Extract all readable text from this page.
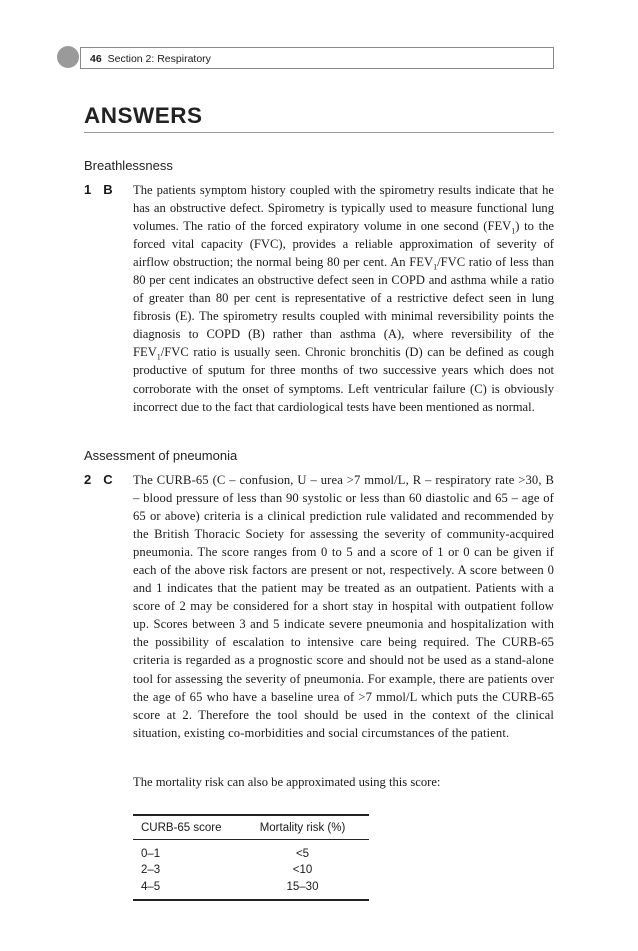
46 Section 2: Respiratory
ANSWERS
Breathlessness
1 B The patients symptom history coupled with the spirometry results indicate that he has an obstructive defect. Spirometry is typically used to measure functional lung volumes. The ratio of the forced expiratory volume in one second $(FEV_1)$ to the forced vital capacity (FVC), provides a reliable approximation of severity of airflow obstruction; the normal being 80 per cent. An $FEV_1$/FVC ratio of less than 80 per cent indicates an obstructive defect seen in COPD and asthma while a ratio of greater than 80 per cent is representative of a restrictive defect seen in lung fibrosis (E). The spirometry results coupled with minimal reversibility points the diagnosis to COPD (B) rather than asthma (A), where reversibility of the $FEV_1$/FVC ratio is usually seen. Chronic bronchitis (D) can be defined as cough productive of sputum for three months of two successive years which does not corroborate with the onset of symptoms. Left ventricular failure (C) is obviously incorrect due to the fact that cardiological tests have been mentioned as normal.
Assessment of pneumonia
2 C The CURB-65 (C – confusion, U – urea >7 mmol/L, R – respiratory rate >30, B – blood pressure of less than 90 systolic or less than 60 diastolic and 65 – age of 65 or above) criteria is a clinical prediction rule validated and recommended by the British Thoracic Society for assessing the severity of community-acquired pneumonia. The score ranges from 0 to 5 and a score of 1 or 0 can be given if each of the above risk factors are present or not, respectively. A score between 0 and 1 indicates that the patient may be treated as an outpatient. Patients with a score of 2 may be considered for a short stay in hospital with outpatient follow up. Scores between 3 and 5 indicate severe pneumonia and hospitalization with the possibility of escalation to intensive care being required. The CURB-65 criteria is regarded as a prognostic score and should not be used as a stand-alone tool for assessing the severity of pneumonia. For example, there are patients over the age of 65 who have a baseline urea of >7 mmol/L which puts the CURB-65 score at 2. Therefore the tool should be used in the context of the clinical situation, existing co-morbidities and social circumstances of the patient.
The mortality risk can also be approximated using this score:
CURB-65 score	Mortality risk (%)
0–1	<5
2–3	<10
4–5	15–30
